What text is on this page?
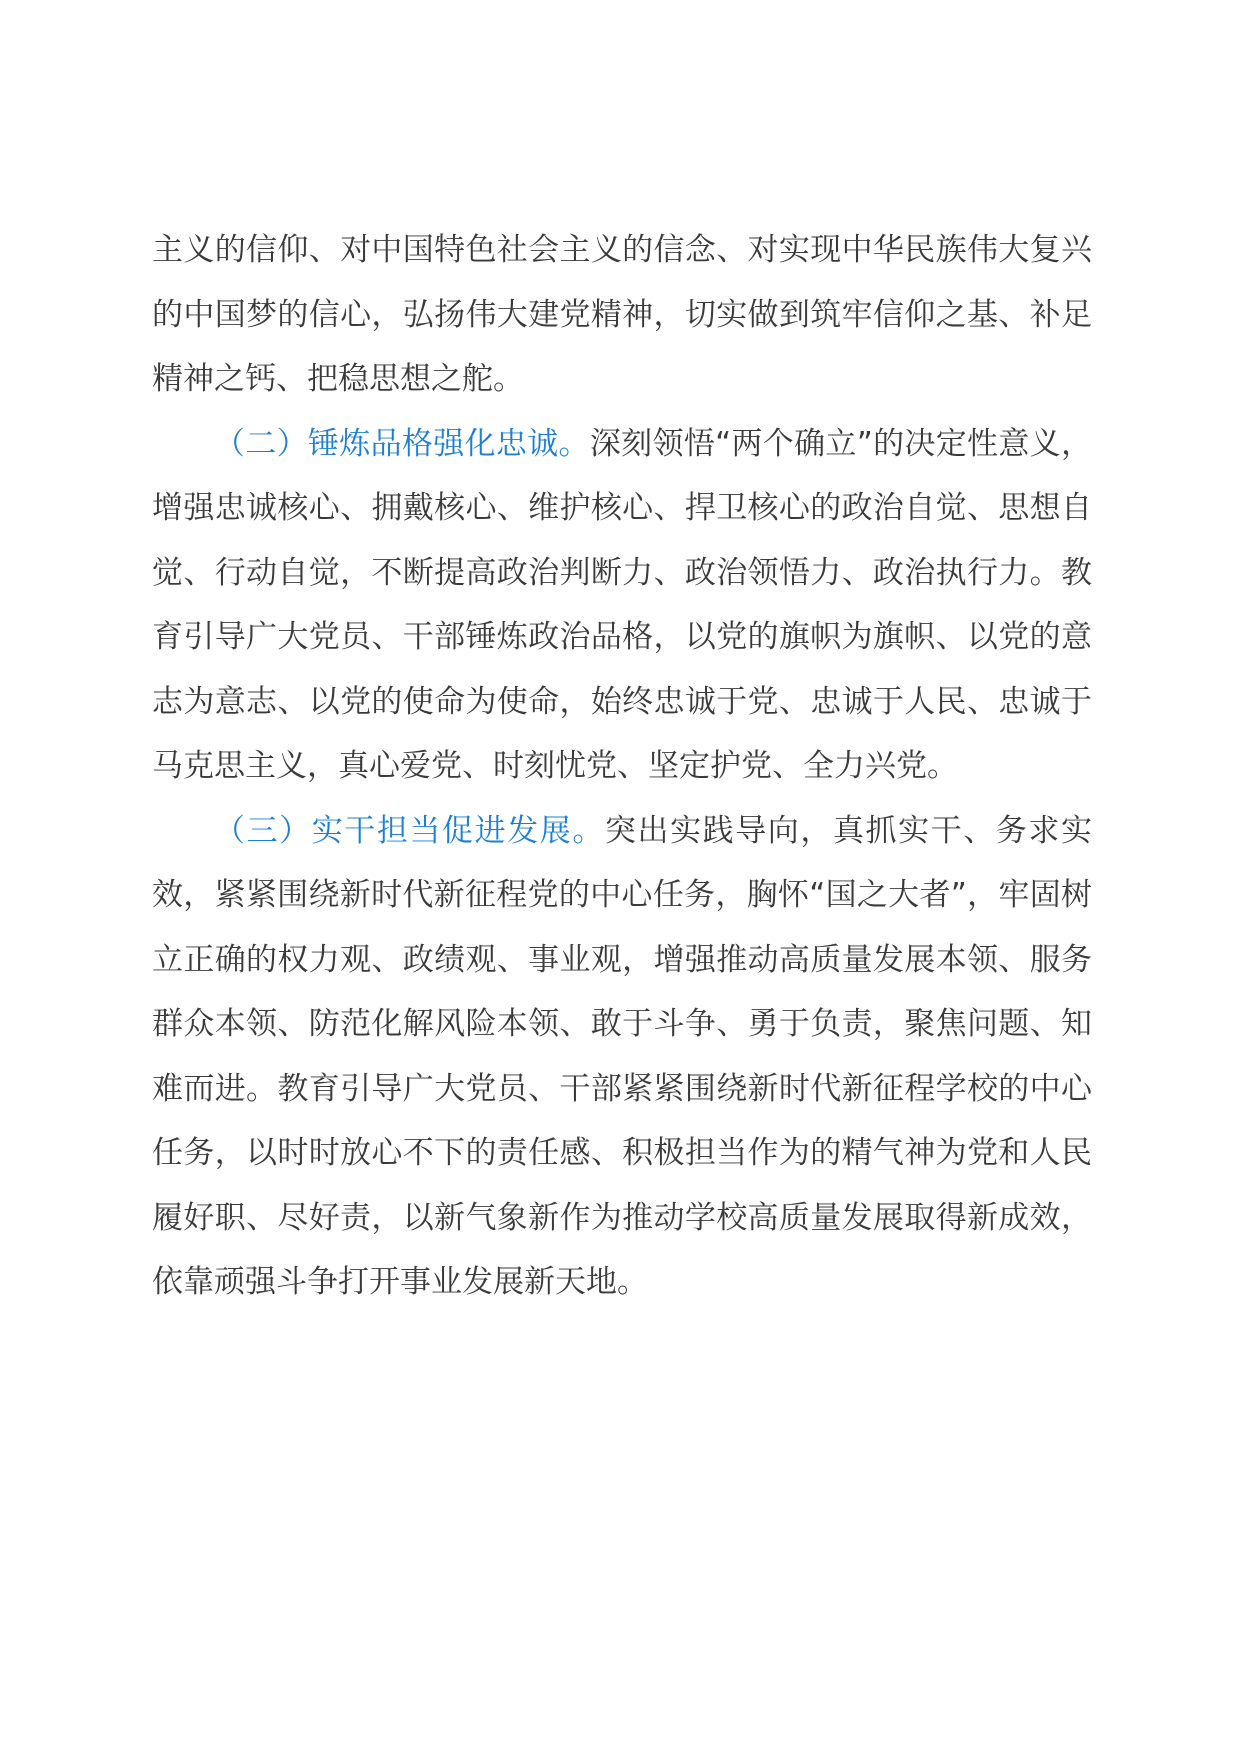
主义的信仰、对中国特色社会主义的信念、对实现中华民族伟大复兴的中国梦的信心，弘扬伟大建党精神，切实做到筑牢信仰之基、补足精神之钙、把稳思想之舵。

（二）锤炼品格强化忠诚。深刻领悟“两个确立”的决定性意义，增强忠诚核心、拥戴核心、维护核心、捍卫核心的政治自觉、思想自觉、行动自觉，不断提高政治判断力、政治领悟力、政治执行力。教育引导广大党员、干部锤炼政治品格，以党的旗帜为旗帜、以党的意志为意志、以党的使命为使命，始终忠诚于党、忠诚于人民、忠诚于马克思主义，真心爱党、时刻忧党、坚定护党、全力兴党。

（三）实干担当促进发展。突出实践导向，真抓实干、务求实效，紧紧围绕新时代新征程党的中心任务，胸怀“国之大者”，牢固树立正确的权力观、政绩观、事业观，增强推动高质量发展本领、服务群众本领、防范化解风险本领、敢于斗争、勇于负责，聚焦问题、知难而进。教育引导广大党员、干部紧紧围绕新时代新征程学校的中心任务，以时时放心不下的责任感、积极担当作为的精气神为党和人民履好职、尽好责，以新气象新作为推动学校高质量发展取得新成效，依靠顽强斗争打开事业发展新天地。
